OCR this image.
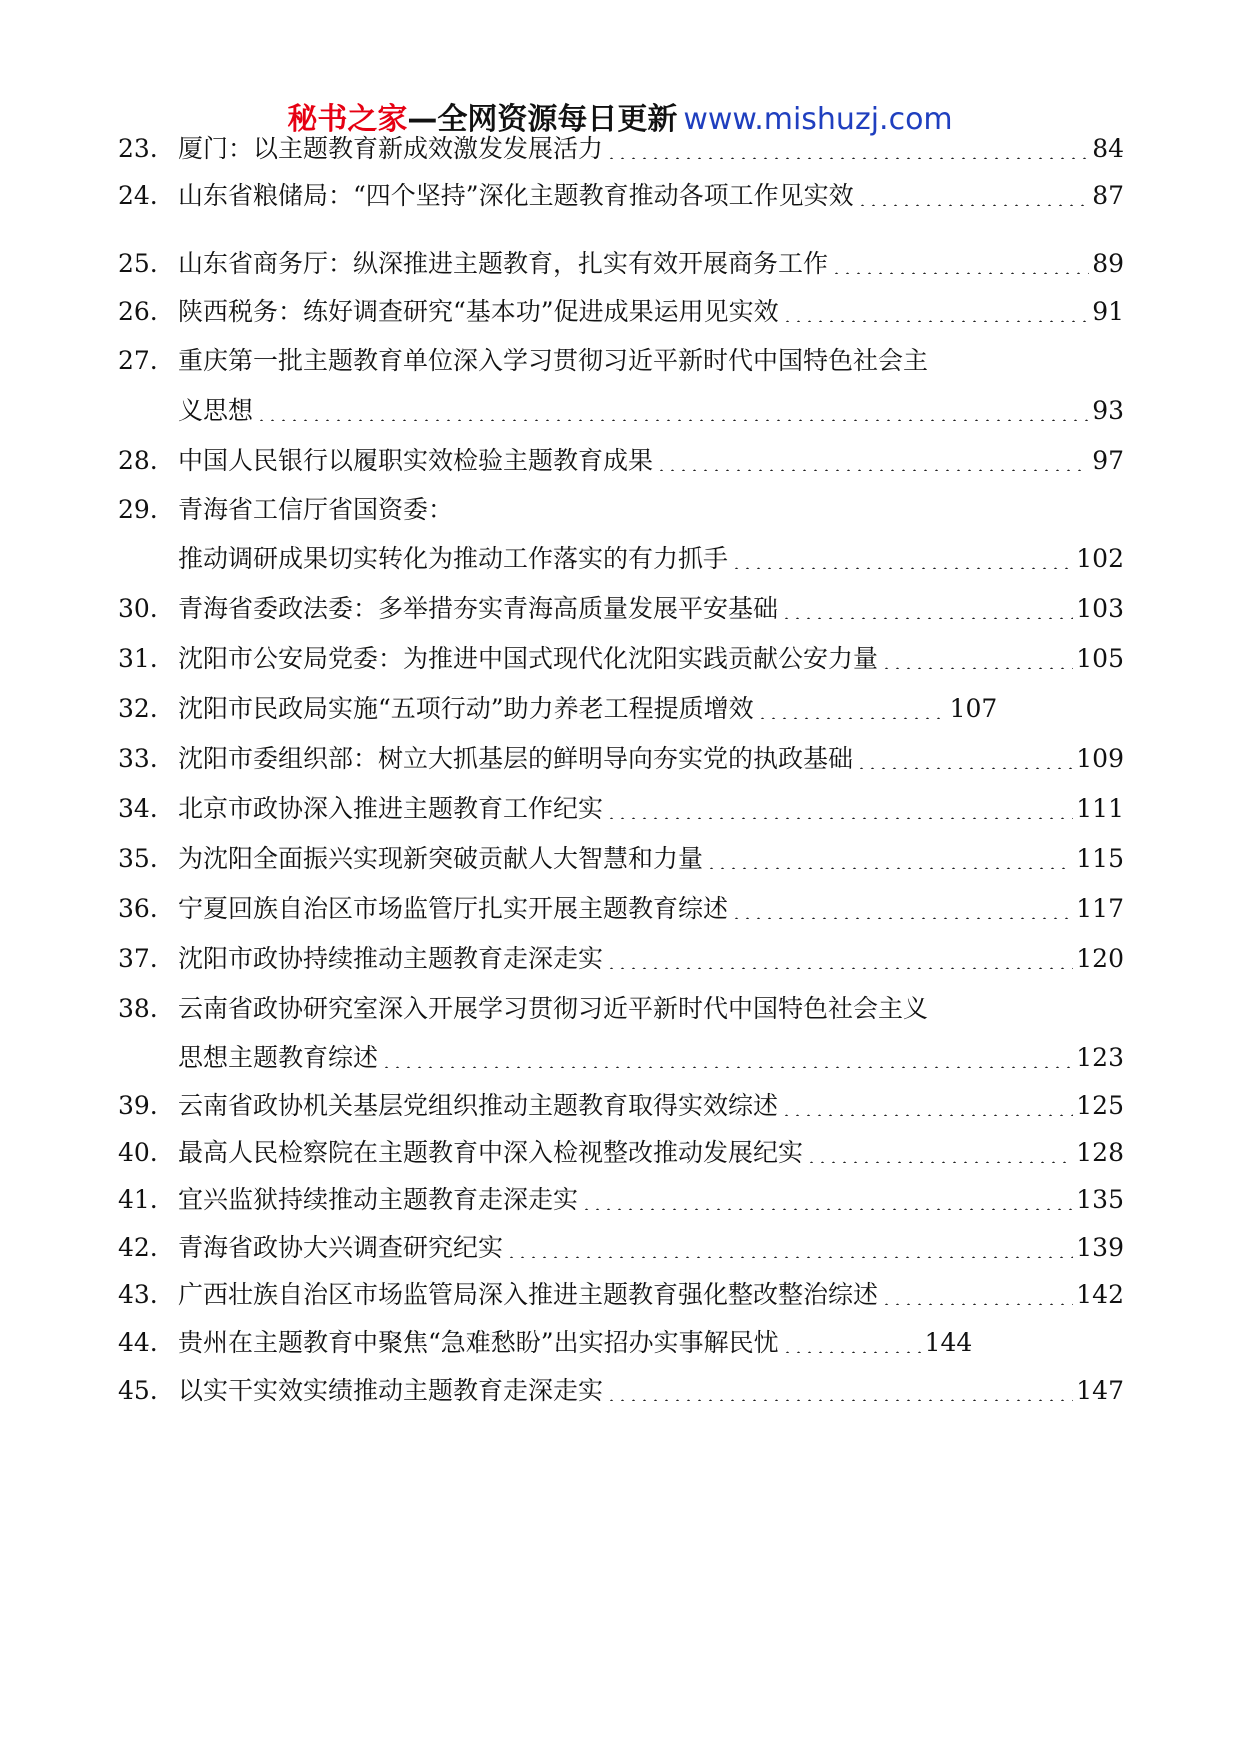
秘书之家—全网资源每日更新 www.mishuzj.com
23. 厦门：以主题教育新成效激发发展活力	84
24. 山东省粮储局：“四个坚持”深化主题教育推动各项工作见实效	87
25. 山东省商务厅：纵深推进主题教育，扎实有效开展商务工作	89
26. 陕西税务：练好调查研究“基本功”促进成果运用见实效	91
27. 重庆第一批主题教育单位深入学习贯彻习近平新时代中国特色社会主
义思想	93
28. 中国人民银行以履职实效检验主题教育成果	97
29. 青海省工信厅省国资委：
推动调研成果切实转化为推动工作落实的有力抓手	102
30. 青海省委政法委：多举措夯实青海高质量发展平安基础	103
31. 沈阳市公安局党委：为推进中国式现代化沈阳实践贡献公安力量	105
32. 沈阳市民政局实施“五项行动”助力养老工程提质增效	107
33. 沈阳市委组织部：树立大抓基层的鲜明导向夯实党的执政基础	109
34. 北京市政协深入推进主题教育工作纪实	111
35. 为沈阳全面振兴实现新突破贡献人大智慧和力量	115
36. 宁夏回族自治区市场监管厅扎实开展主题教育综述	117
37. 沈阳市政协持续推动主题教育走深走实	120
38. 云南省政协研究室深入开展学习贯彻习近平新时代中国特色社会主义
思想主题教育综述	123
39. 云南省政协机关基层党组织推动主题教育取得实效综述	125
40. 最高人民检察院在主题教育中深入检视整改推动发展纪实	128
41. 宜兴监狱持续推动主题教育走深走实	135
42. 青海省政协大兴调查研究纪实	139
43. 广西壮族自治区市场监管局深入推进主题教育强化整改整治综述	142
44. 贵州在主题教育中聚焦“急难愁盼”出实招办实事解民忧	144
45. 以实干实效实绩推动主题教育走深走实	147
